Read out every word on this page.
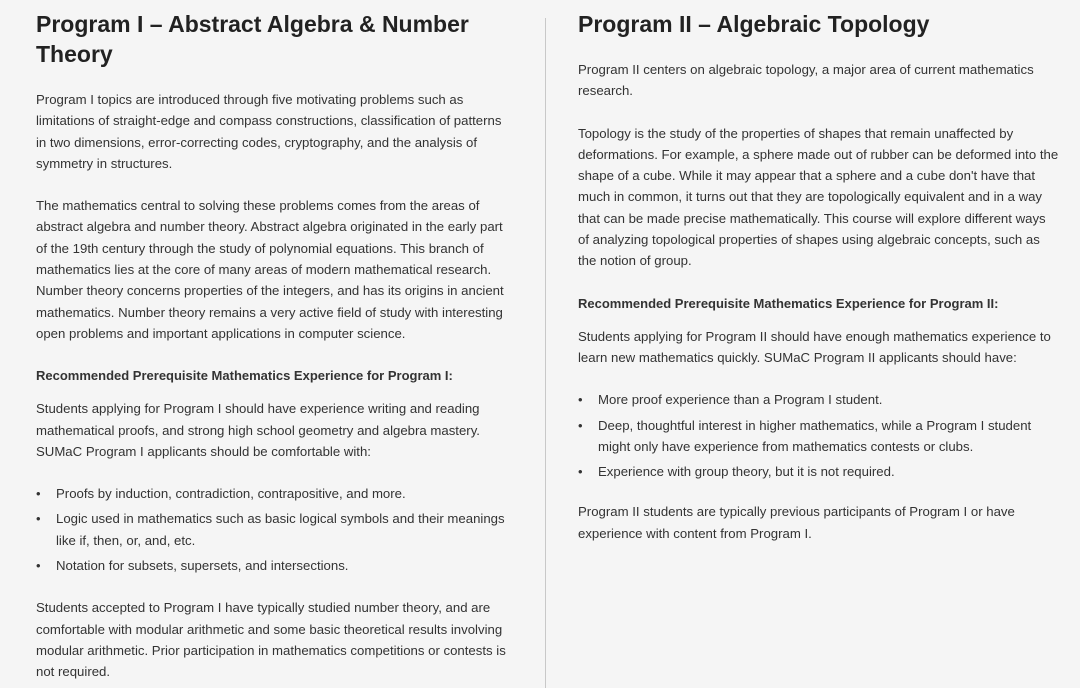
Program I – Abstract Algebra & Number Theory

Program I topics are introduced through five motivating problems such as limitations of straight-edge and compass constructions, classification of patterns in two dimensions, error-correcting codes, cryptography, and the analysis of symmetry in structures.

The mathematics central to solving these problems comes from the areas of abstract algebra and number theory. Abstract algebra originated in the early part of the 19th century through the study of polynomial equations. This branch of mathematics lies at the core of many areas of modern mathematical research. Number theory concerns properties of the integers, and has its origins in ancient mathematics. Number theory remains a very active field of study with interesting open problems and important applications in computer science.

Recommended Prerequisite Mathematics Experience for Program I:

Students applying for Program I should have experience writing and reading mathematical proofs, and strong high school geometry and algebra mastery. SUMaC Program I applicants should be comfortable with:

• Proofs by induction, contradiction, contrapositive, and more.
• Logic used in mathematics such as basic logical symbols and their meanings like if, then, or, and, etc.
• Notation for subsets, supersets, and intersections.

Students accepted to Program I have typically studied number theory, and are comfortable with modular arithmetic and some basic theoretical results involving modular arithmetic. Prior participation in mathematics competitions or contests is not required.

Program II – Algebraic Topology

Program II centers on algebraic topology, a major area of current mathematics research.

Topology is the study of the properties of shapes that remain unaffected by deformations. For example, a sphere made out of rubber can be deformed into the shape of a cube. While it may appear that a sphere and a cube don't have that much in common, it turns out that they are topologically equivalent and in a way that can be made precise mathematically. This course will explore different ways of analyzing topological properties of shapes using algebraic concepts, such as the notion of group.

Recommended Prerequisite Mathematics Experience for Program II:

Students applying for Program II should have enough mathematics experience to learn new mathematics quickly. SUMaC Program II applicants should have:

• More proof experience than a Program I student.
• Deep, thoughtful interest in higher mathematics, while a Program I student might only have experience from mathematics contests or clubs.
• Experience with group theory, but it is not required.

Program II students are typically previous participants of Program I or have experience with content from Program I.
